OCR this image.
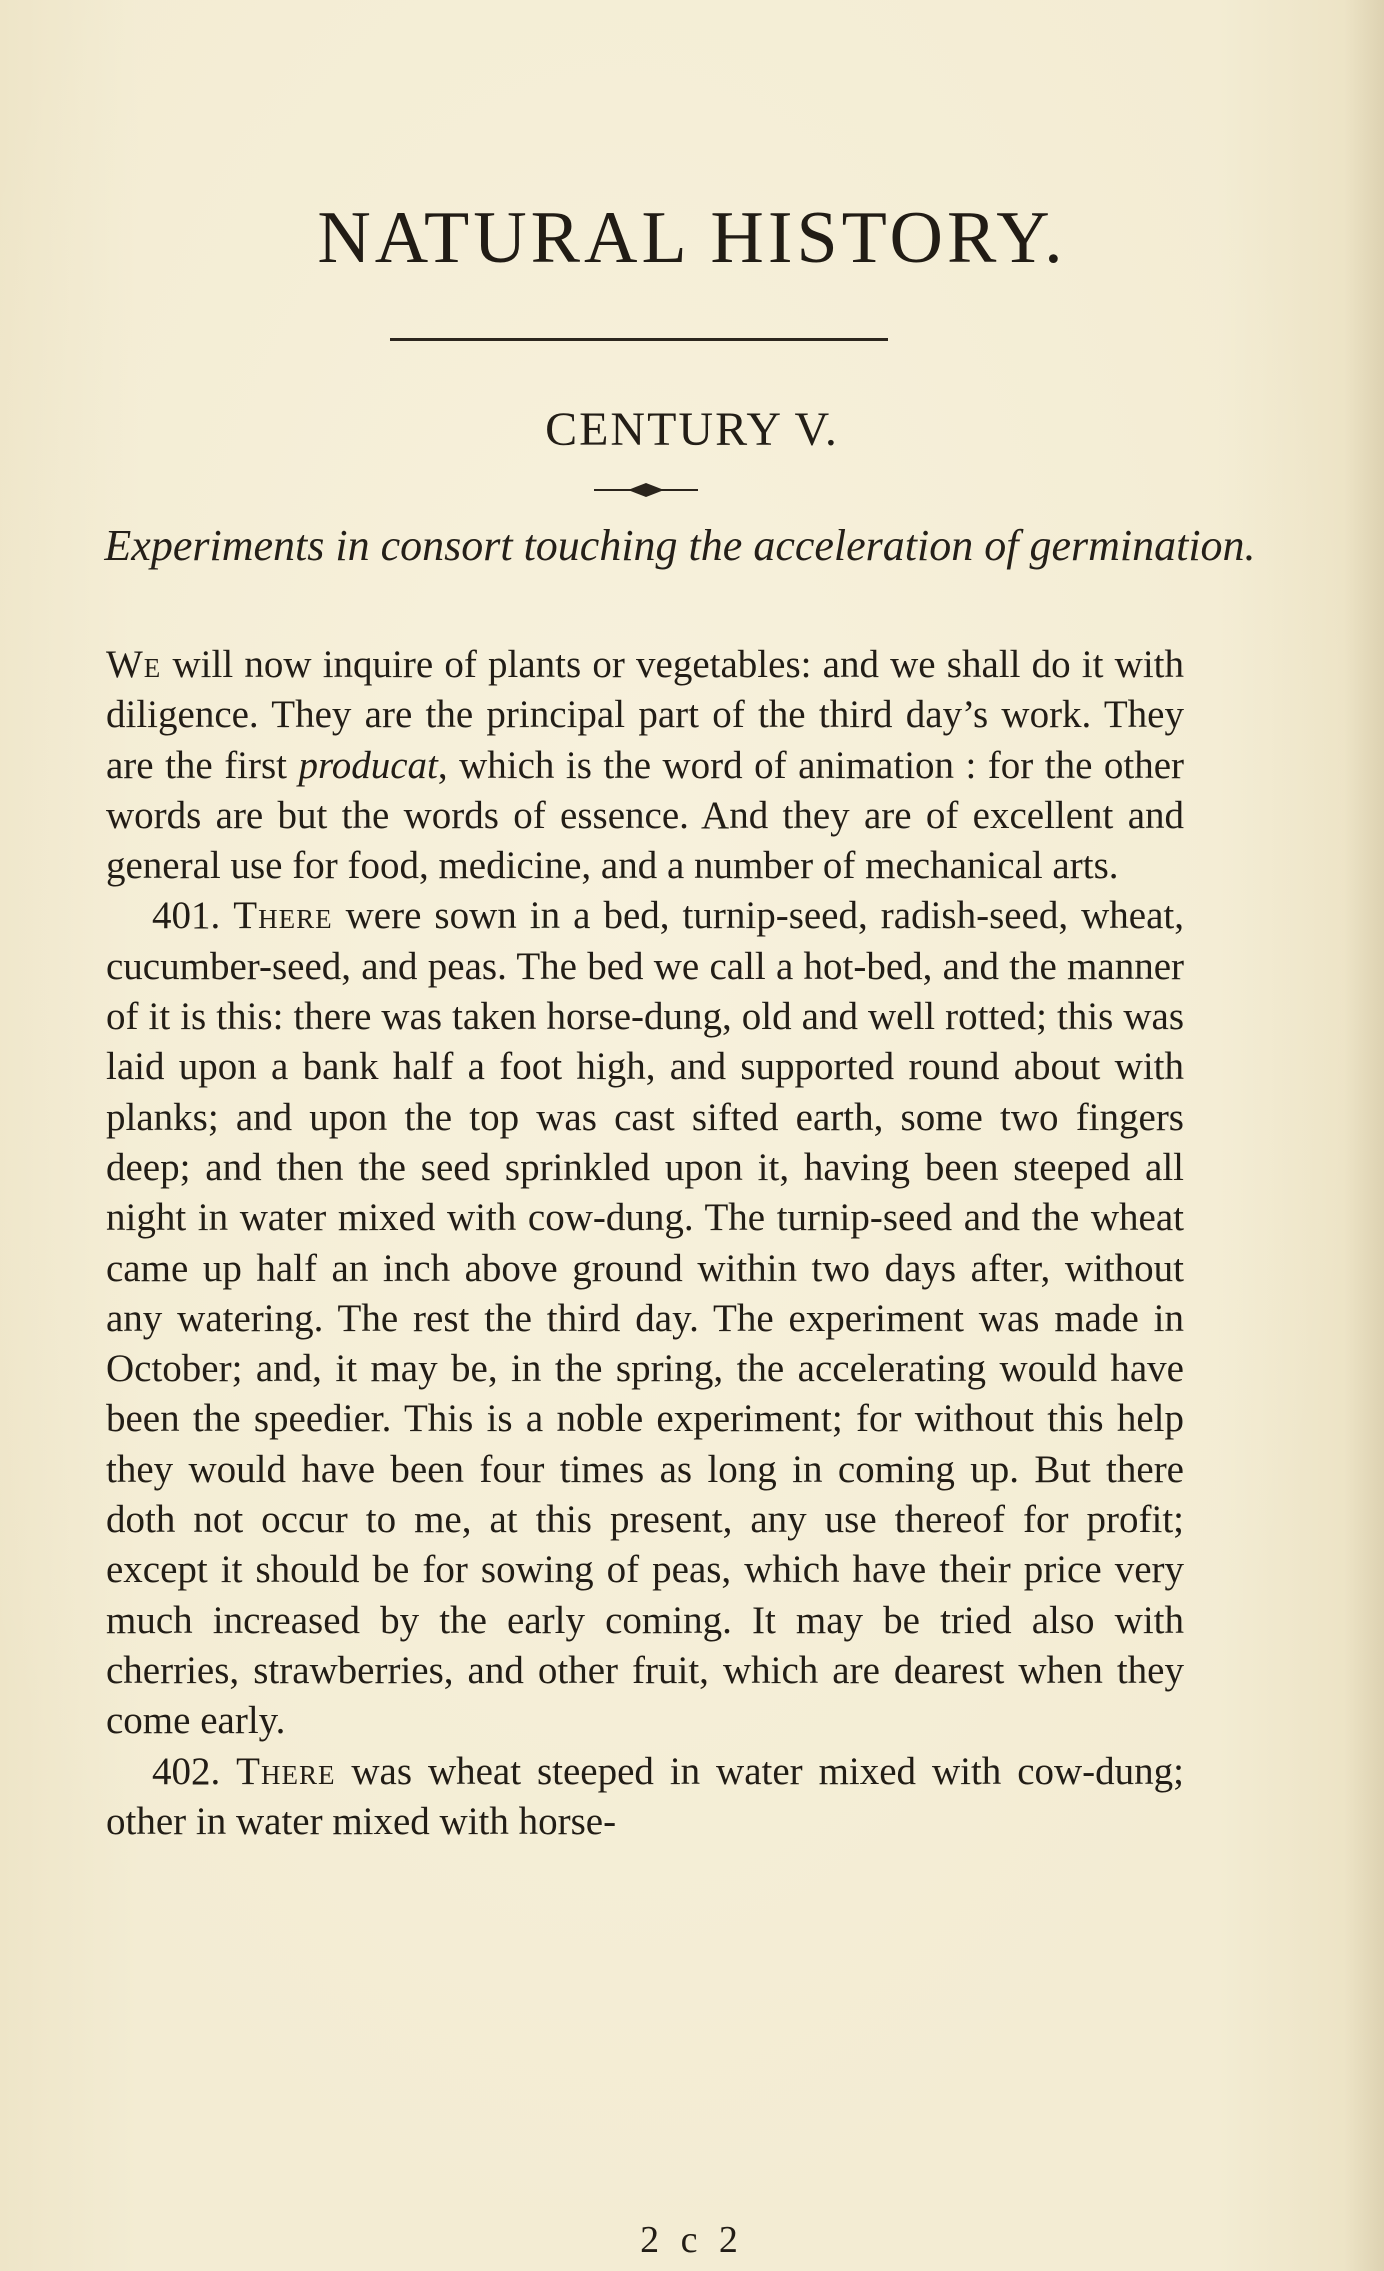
NATURAL HISTORY.
CENTURY V.
Experiments in consort touching the acceleration of germination.

We will now inquire of plants or vegetables: and we shall do it with diligence. They are the principal part of the third day’s work. They are the first producat, which is the word of animation : for the other words are but the words of essence. And they are of excellent and general use for food, medicine, and a number of mechanical arts.

401. There were sown in a bed, turnip-seed, radish-seed, wheat, cucumber-seed, and peas. The bed we call a hot-bed, and the manner of it is this: there was taken horse-dung, old and well rotted; this was laid upon a bank half a foot high, and supported round about with planks; and upon the top was cast sifted earth, some two fingers deep; and then the seed sprinkled upon it, having been steeped all night in water mixed with cow-dung. The turnip-seed and the wheat came up half an inch above ground within two days after, without any watering. The rest the third day. The experiment was made in October; and, it may be, in the spring, the accelerating would have been the speedier. This is a noble experiment; for without this help they would have been four times as long in coming up. But there doth not occur to me, at this present, any use thereof for profit; except it should be for sowing of peas, which have their price very much increased by the early coming. It may be tried also with cherries, strawberries, and other fruit, which are dearest when they come early.

402. There was wheat steeped in water mixed with cow-dung; other in water mixed with horse-

2 c 2
